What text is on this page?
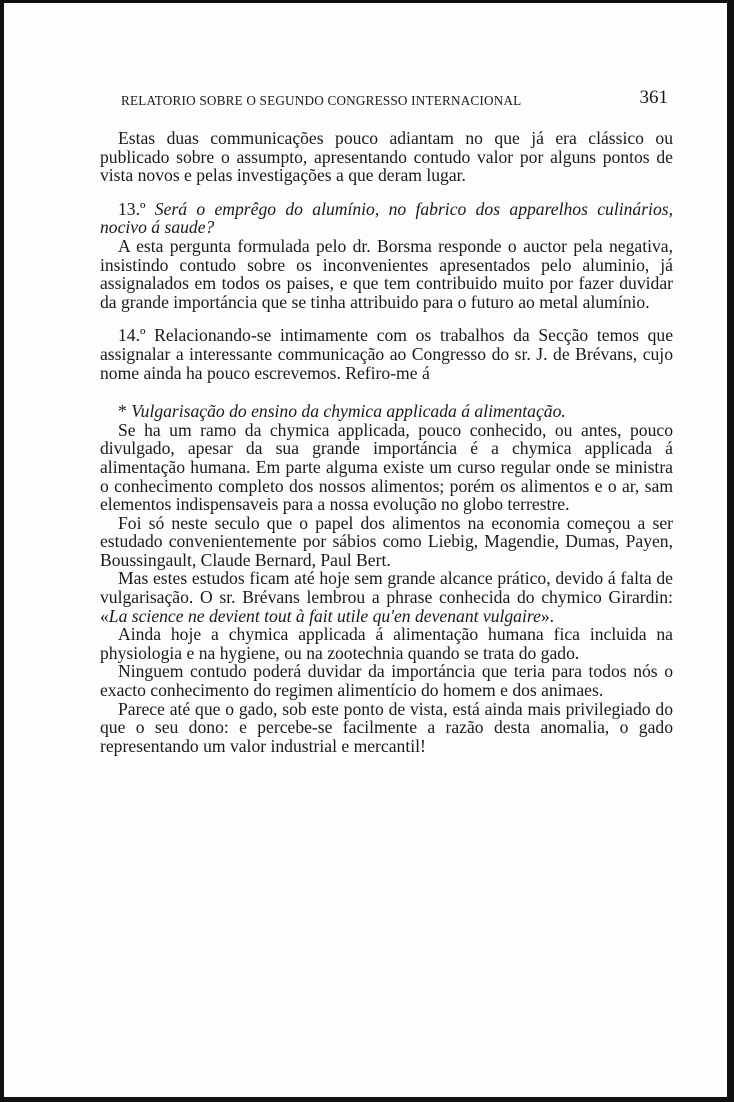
RELATORIO SOBRE O SEGUNDO CONGRESSO INTERNACIONAL	361

Estas duas communicações pouco adiantam no que já era clássico ou publicado sobre o assumpto, apresentando contudo valor por alguns pontos de vista novos e pelas investigações a que deram lugar.

13.º Será o emprêgo do alumínio, no fabrico dos apparelhos culinários, nocivo á saude?

A esta pergunta formulada pelo dr. Borsma responde o auctor pela negativa, insistindo contudo sobre os inconvenientes apresentados pelo aluminio, já assignalados em todos os paises, e que tem contribuido muito por fazer duvidar da grande importáncia que se tinha attribuido para o futuro ao metal alumínio.

14.º Relacionando-se intimamente com os trabalhos da Secção temos que assignalar a interessante communicação ao Congresso do sr. J. de Brévans, cujo nome ainda ha pouco escrevemos. Refiro-me á

* Vulgarisação do ensino da chymica applicada á alimentação.

Se ha um ramo da chymica applicada, pouco conhecido, ou antes, pouco divulgado, apesar da sua grande importáncia é a chymica applicada á alimentação humana. Em parte alguma existe um curso regular onde se ministra o conhecimento completo dos nossos alimentos; porém os alimentos e o ar, sam elementos indispensaveis para a nossa evolução no globo terrestre.

Foi só neste seculo que o papel dos alimentos na economia começou a ser estudado convenientemente por sábios como Liebig, Magendie, Dumas, Payen, Boussingault, Claude Bernard, Paul Bert.

Mas estes estudos ficam até hoje sem grande alcance prático, devido á falta de vulgarisação. O sr. Brévans lembrou a phrase conhecida do chymico Girardin: «La science ne devient tout à fait utile qu'en devenant vulgaire».

Ainda hoje a chymica applicada á alimentação humana fica incluida na physiologia e na hygiene, ou na zootechnia quando se trata do gado.

Ninguem contudo poderá duvidar da importáncia que teria para todos nós o exacto conhecimento do regimen alimentício do homem e dos animaes.

Parece até que o gado, sob este ponto de vista, está ainda mais privilegiado do que o seu dono: e percebe-se facilmente a razão desta anomalia, o gado representando um valor industrial e mercantil!
